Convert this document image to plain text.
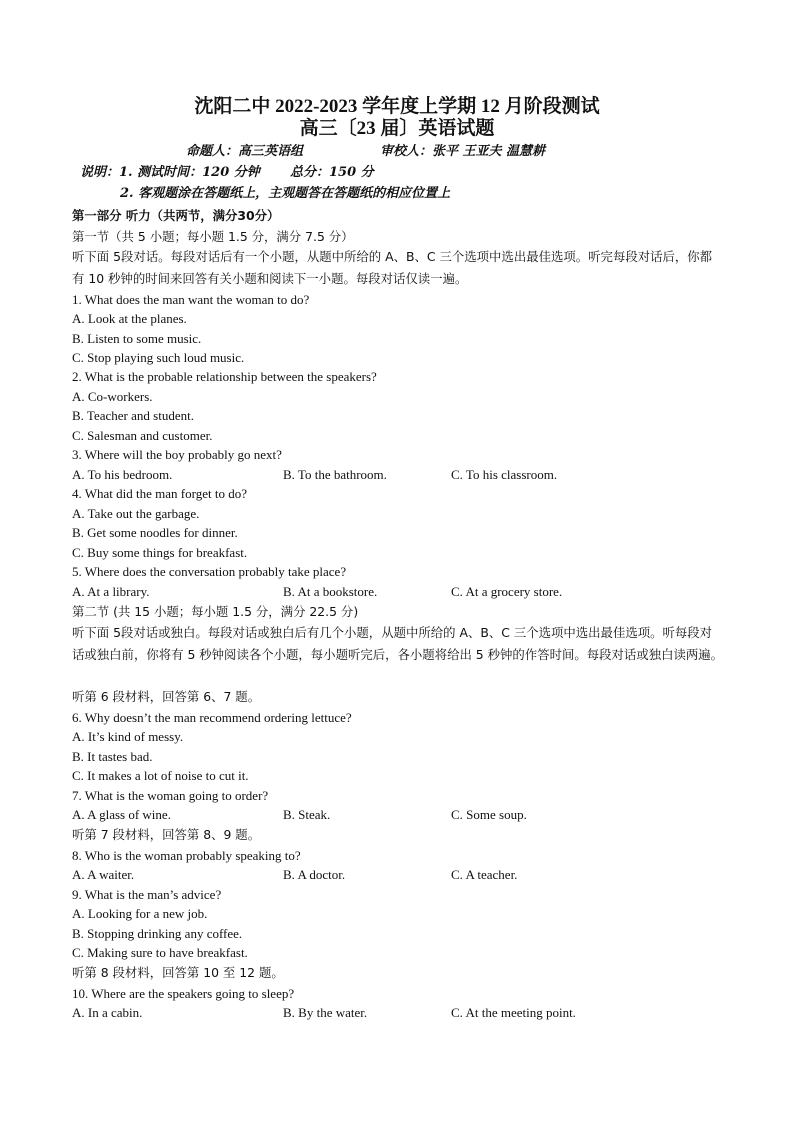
沈阳二中 2022-2023 学年度上学期 12 月阶段测试
高三〔23 届〕英语试题
命题人：高三英语组	审校人：张平 王亚夫 温慧耕
说明：1. 测试时间：120 分钟 总分：150 分
2. 客观题涂在答题纸上，主观题答在答题纸的相应位置上
第一部分 听力（共两节，满分30分）
第一节（共 5 小题；每小题 1.5 分，满分 7.5 分）
听下面 5段对话。每段对话后有一个小题，从题中所给的 A、B、C 三个选项中选出最佳选项。听完每段对话后，你都有 10 秒钟的时间来回答有关小题和阅读下一小题。每段对话仅读一遍。
1. What does the man want the woman to do?
A. Look at the planes.
B. Listen to some music.
C. Stop playing such loud music.
2. What is the probable relationship between the speakers?
A. Co-workers.
B. Teacher and student.
C. Salesman and customer.
3. Where will the boy probably go next?
A. To his bedroom.	B. To the bathroom.	C. To his classroom.
4. What did the man forget to do?
A. Take out the garbage.
B. Get some noodles for dinner.
C. Buy some things for breakfast.
5. Where does the conversation probably take place?
A. At a library.	B. At a bookstore.	C. At a grocery store.
第二节 (共 15 小题；每小题 1.5 分，满分 22.5 分)
听下面 5段对话或独白。每段对话或独白后有几个小题，从题中所给的 A、B、C 三个选项中选出最佳选项。听每段对话或独白前，你将有 5 秒钟阅读各个小题，每小题听完后，各小题将给出 5 秒钟的作答时间。每段对话或独白读两遍。
听第 6 段材料，回答第 6、7 题。
6. Why doesn’t the man recommend ordering lettuce?
A. It’s kind of messy.
B. It tastes bad.
C. It makes a lot of noise to cut it.
7. What is the woman going to order?
A. A glass of wine.	B. Steak.	C. Some soup.
听第 7 段材料，回答第 8、9 题。
8. Who is the woman probably speaking to?
A. A waiter.	B. A doctor.	C. A teacher.
9. What is the man’s advice?
A. Looking for a new job.
B. Stopping drinking any coffee.
C. Making sure to have breakfast.
听第 8 段材料，回答第 10 至 12 题。
10. Where are the speakers going to sleep?
A. In a cabin.	B. By the water.	C. At the meeting point.
